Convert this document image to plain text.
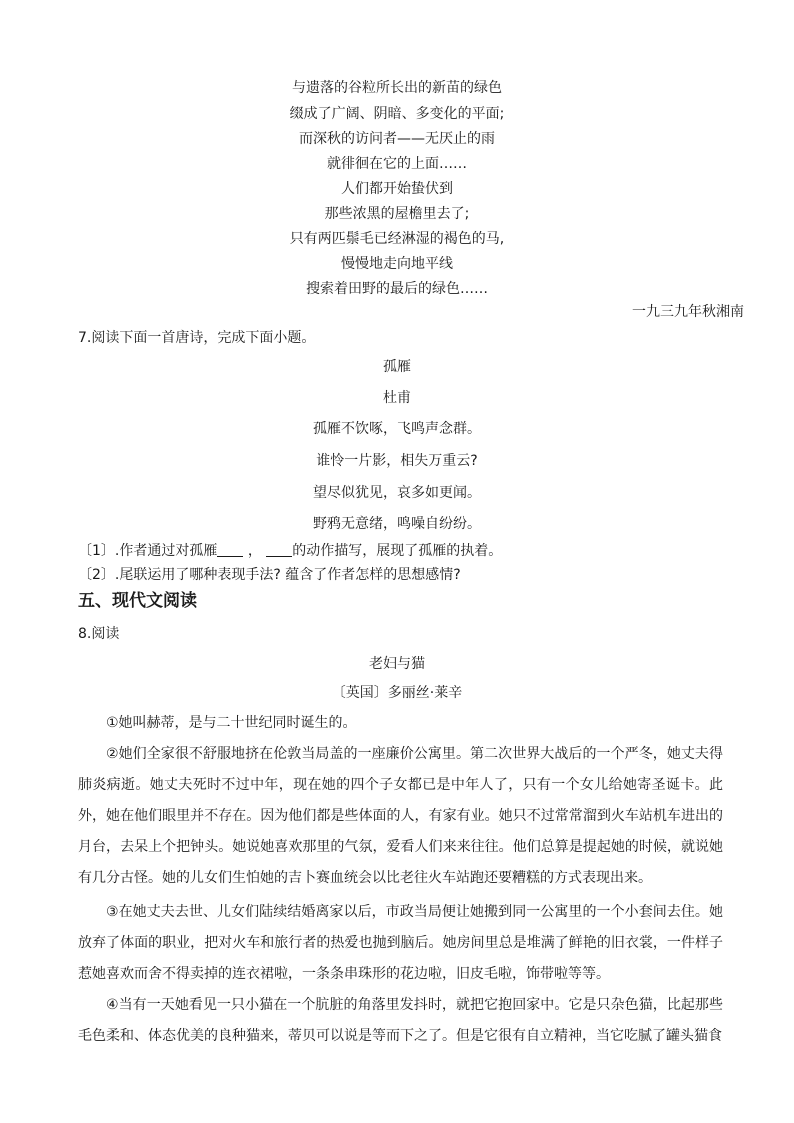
与遗落的谷粒所长出的新苗的绿色
缀成了广阔、阴暗、多变化的平面;
而深秋的访问者——无厌止的雨
就徘徊在它的上面……
人们都开始蛰伏到
那些浓黑的屋檐里去了;
只有两匹鬃毛已经淋湿的褐色的马,
慢慢地走向地平线
搜索着田野的最后的绿色……
一九三九年秋湘南
7.阅读下面一首唐诗，完成下面小题。
孤雁
杜甫
孤雁不饮啄，飞鸣声念群。
谁怜一片影，相失万重云?
望尽似犹见，哀多如更闻。
野鸦无意绪，鸣噪自纷纷。
〔1〕.作者通过对孤雁 ， 的动作描写，展现了孤雁的执着。
〔2〕.尾联运用了哪种表现手法? 蕴含了作者怎样的思想感情?
五、现代文阅读
8.阅读
老妇与猫
〔英国〕多丽丝·莱辛
①她叫赫蒂，是与二十世纪同时诞生的。
②她们全家很不舒服地挤在伦敦当局盖的一座廉价公寓里。第二次世界大战后的一个严冬，她丈夫得肺炎病逝。她丈夫死时不过中年，现在她的四个子女都已是中年人了，只有一个女儿给她寄圣诞卡。此外，她在他们眼里并不存在。因为他们都是些体面的人，有家有业。她只不过常常溜到火车站机车进出的月台，去呆上个把钟头。她说她喜欢那里的气氛，爱看人们来来往往。他们总算是提起她的时候，就说她有几分古怪。她的儿女们生怕她的吉卜赛血统会以比老往火车站跑还要糟糕的方式表现出来。
③在她丈夫去世、儿女们陆续结婚离家以后，市政当局便让她搬到同一公寓里的一个小套间去住。她放弃了体面的职业，把对火车和旅行者的热爱也抛到脑后。她房间里总是堆满了鲜艳的旧衣裳，一件样子惹她喜欢而舍不得卖掉的连衣裙啦，一条条串珠形的花边啦，旧皮毛啦，饰带啦等等。
④当有一天她看见一只小猫在一个肮脏的角落里发抖时，就把它抱回家中。它是只杂色猫，比起那些毛色柔和、体态优美的良种猫来，蒂贝可以说是等而下之了。但是它很有自立精神，当它吃腻了罐头猫食
